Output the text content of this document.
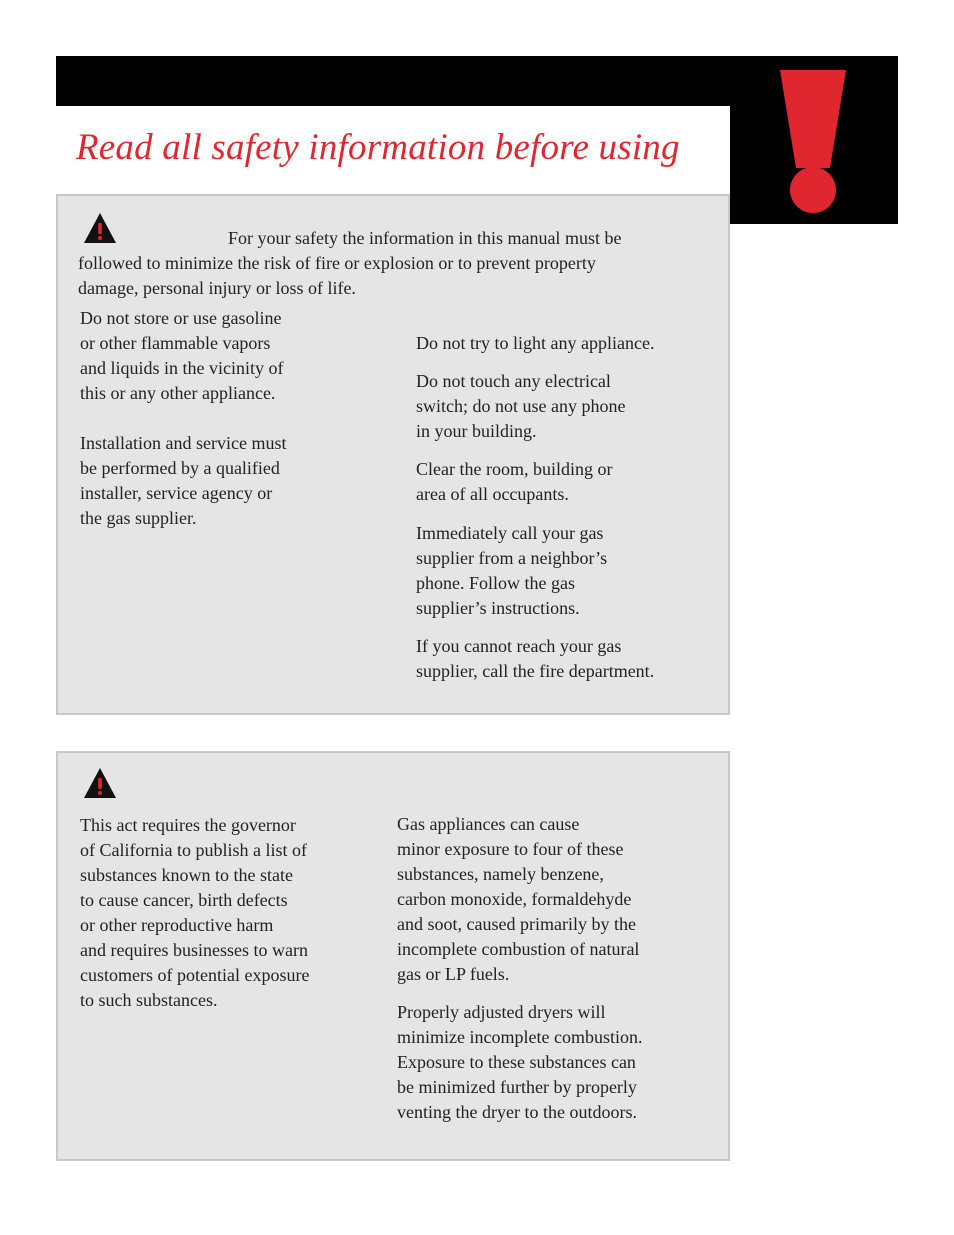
Read all safety information before using
For your safety the information in this manual must be
followed to minimize the risk of fire or explosion or to prevent property
damage, personal injury or loss of life.
Do not store or use gasoline
or other flammable vapors
and liquids in the vicinity of
this or any other appliance.
Installation and service must
be performed by a qualified
installer, service agency or
the gas supplier.
Do not try to light any appliance.
Do not touch any electrical
switch; do not use any phone
in your building.
Clear the room, building or
area of all occupants.
Immediately call your gas
supplier from a neighbor’s
phone. Follow the gas
supplier’s instructions.
If you cannot reach your gas
supplier, call the fire department.
This act requires the governor
of California to publish a list of
substances known to the state
to cause cancer, birth defects
or other reproductive harm
and requires businesses to warn
customers of potential exposure
to such substances.
Gas appliances can cause
minor exposure to four of these
substances, namely benzene,
carbon monoxide, formaldehyde
and soot, caused primarily by the
incomplete combustion of natural
gas or LP fuels.
Properly adjusted dryers will
minimize incomplete combustion.
Exposure to these substances can
be minimized further by properly
venting the dryer to the outdoors.
